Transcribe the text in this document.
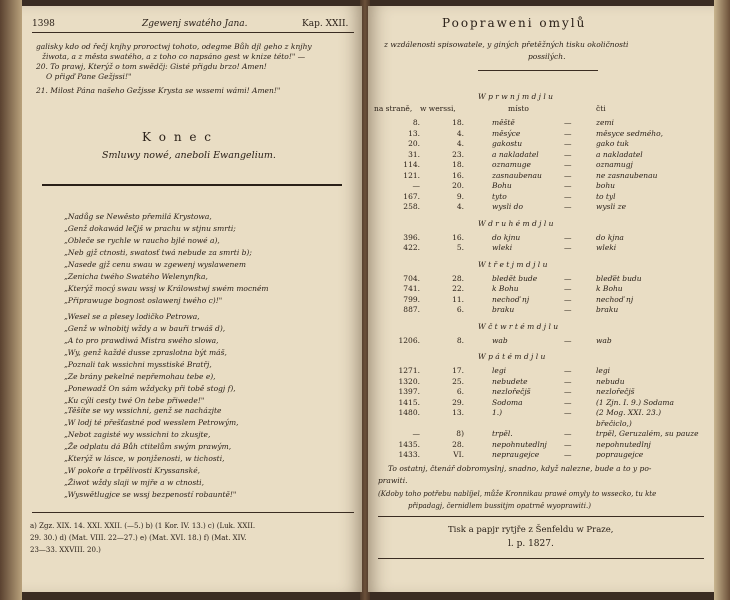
1398	Zgewenj swatého Jana.	Kap. XXII.
galisky kdo od řečj knjhy proroctwj tohoto, odegme Bůh djl geho z knjhy
žiwota, a z města swatého, a z toho co napsáno gest w knize této!" —
20. To prawj, Kterýž o tom swědčj: Gisté přigdu brzo! Amen!
O přigď Pane Gežjssi!"
21. Milost Pána našeho Gežjsse Krysta se wssemi wámi! Amen!"
K o n e c
Smluwy nowé, aneboli Ewangelium.
„Nadůg se Newěsto přemilá Krystowa,
„Genž dokawád leζjš w prachu w stjnu smrti;
„Obleče se rychle w raucho bjlé nowé a),
„Neb gjž ctnosti, swatosť twá nebude za smrti b);
„Nasede gjž cenu swau w zgewenj wyslawenem
„Zenicha twého Swatého Welenynfka,
„Kterýž mocý swau wssj w Králowstwj swém mocném
„Připrawuge bognost oslawenj twého c)!"
„Wesel se a plesey lodičko Petrowa,
„Genž w wlnobitj wždy a w bauři trwáš d),
„A to pro prawdiwá Mistra swého slowa,
„Wy, genž každé dusse zpraslotna být máš,
„Poznali tak wssichni mysstiské Bratřj,
„Ze brány pekelné nepřemohau tebe e),
„Ponewadž On sám wždycky při tobě stogj f),
„Ku cýli cesty twé On tebe přiwede!"
„Těšíte se wy wssichni, genž se nacházjte
„W lodj té přešťastné pod wesslem Petrowým,
„Nebot zagisté wy wssichni to zkusjte,
„Že odplatu dá Bůh ctitelům swým prawým,
„Kterýž w lásce, w ponjženosti, w tichosti,
„W pokoře a trpělivosti Kryssanské,
„Žiwot wždy slaji w mjře a w ctnosti,
„Wyswětlugjce se wssj bezpeností robauntě!"
a) Zgz. XIX. 14. XXI. XXII. (—5.) b) (1 Kor. IV. 13.) c) (Luk. XXII.
29. 30.) d) (Mat. VIII. 22—27.) e) (Mat. XVI. 18.) f) (Mat. XIV.
23—33. XXVIII. 20.)
Poopraweni omylů
z wzdálenosti spisowatele, y giných přetěžných tisku okoličnosti
possilých.
na straně, w werssi,	místo	čti
W p r w n j m d j l u
8.	18.	měště	—	zemi
13.	4.	měsýce	—	měsyce sedmého,
20.	4.	gakostu	—	gako tuk
31.	23.	a nakladatel	—	a nakladatel
114.	18.	oznamuge	—	oznamugj
121.	16.	zasnaubenau	—	ne zasnaubenau
—	20.	Bohu	—	bohu
167.	9.	tyto	—	to tyl
258.	4.	wysli do	—	wysli ze
W d r u h é m d j l u
396.	16.	do kjnu	—	do kjna
422.	5.	wleki	—	wleki
W t ř e t j m d j l u
704.	28.	bledět bude	—	bleďět budu
741.	22.	k Bohu	—	k Bohu
799.	11.	nechoď nj	—	nechoď nj
887.	6.	braku	—	braku
W č t w r t é m d j l u
1206.	8.	wab	—	wab
W p á t é m d j l u
1271.	17.	legi	—	legi
1320.	25.	nebudete	—	nebudu
1397.	6.	nezlořečjš	—	nezlořečjš
1415.	29.	Sodoma	—	(1 Zjn. I. 9.) Sodama
1480.	13.	1.)	—	(2 Mog. XXI. 23.)
břečiclo,)
—	8)	trpěl.	—	trpěl, Geruzalém, su pauze
1435.	28.	nepohnutedlnj —	nepohnutedlnj
1433.	VI.	nepraugejce	—	popraugejce
To ostatnj, čtenář dobromyslnj, snadno, když nalezne, bude a to y po-
prawiti.
(Kdoby toho potřebu nablíjel, může Kronnikau prawé omyly to wssecko, tu kte
připadagj, černidlem bussitjm opatrně wyoprawiti.)
Tisk a papjr rytjře z Šenfeldu w Praze,
l. p. 1827.
